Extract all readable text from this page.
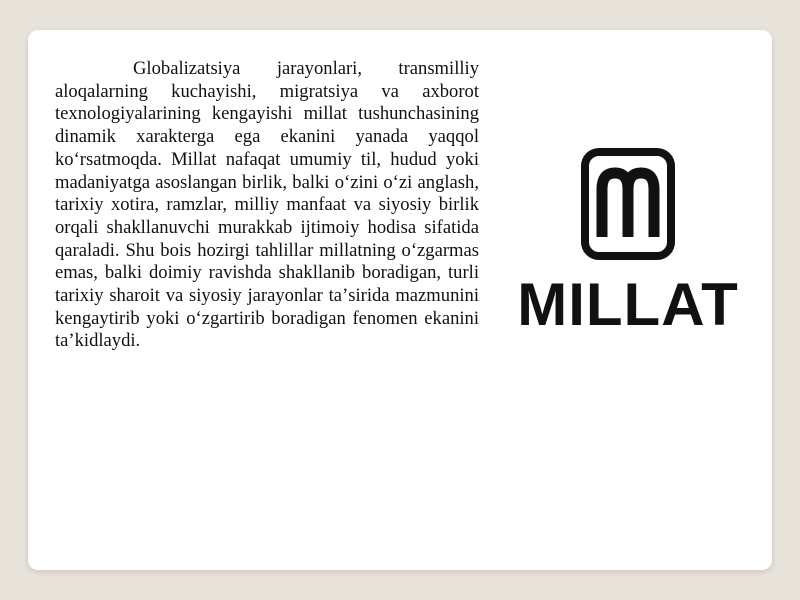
Globalizatsiya jarayonlari, transmilliy aloqalarning kuchayishi, migratsiya va axborot texnologiyalarining kengayishi millat tushunchasining dinamik xarakterga ega ekanini yanada yaqqol koʻrsatmoqda. Millat nafaqat umumiy til, hudud yoki madaniyatga asoslangan birlik, balki oʻzini oʻzi anglash, tarixiy xotira, ramzlar, milliy manfaat va siyosiy birlik orqali shakllanuvchi murakkab ijtimoiy hodisa sifatida qaraladi. Shu bois hozirgi tahlillar millatning oʻzgarmas emas, balki doimiy ravishda shakllanib boradigan, turli tarixiy sharoit va siyosiy jarayonlar taʼsirida mazmunini kengaytirib yoki oʻzgartirib boradigan fenomen ekanini taʼkidlaydi.

MILLAT
